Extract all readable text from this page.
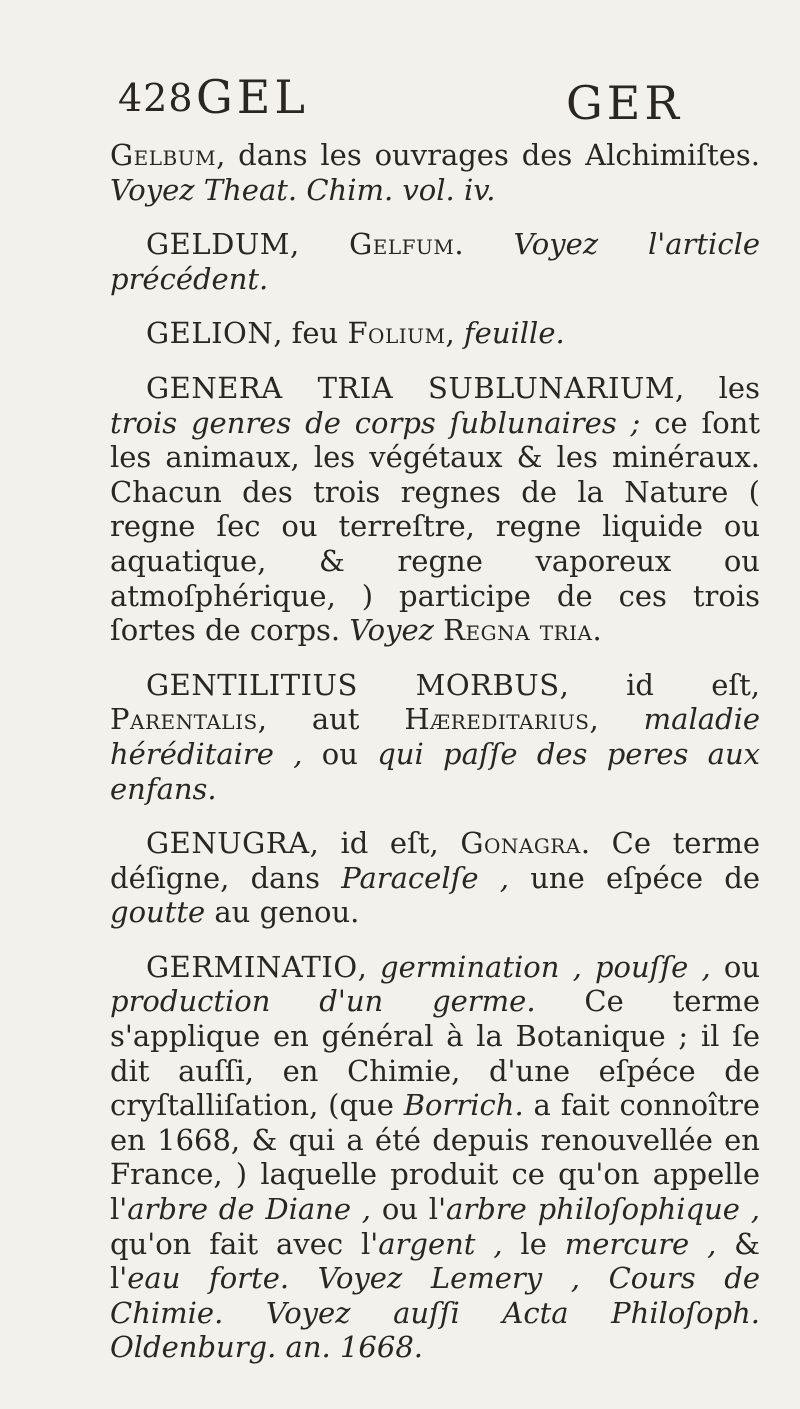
428 GEL	GER

Gelbum, dans les ouvrages des Alchimiſtes. Voyez Theat. Chim. vol. iv.

GELDUM, Gelfum. Voyez l'article précédent.

GELION, feu Folium, feuille.

GENERA TRIA SUBLUNARIUM, les trois genres de corps ſublunaires ; ce ſont les animaux, les végétaux & les minéraux. Chacun des trois regnes de la Nature ( regne ſec ou terreſtre, regne liquide ou aquatique, & regne vaporeux ou atmoſphérique, ) participe de ces trois ſortes de corps. Voyez Regna tria.

GENTILITIUS MORBUS, id eſt, Parentalis, aut Hæreditarius, maladie héréditaire , ou qui paſſe des peres aux enfans.

GENUGRA, id eſt, Gonagra. Ce terme déſigne, dans Paracelſe , une eſpéce de goutte au genou.

GERMINATIO, germination , pouſſe , ou production d'un germe. Ce terme s'applique en général à la Botanique ; il ſe dit auſſi, en Chimie, d'une eſpéce de cryſtalliſation, (que Borrich. a fait connoître en 1668, & qui a été depuis renouvellée en France, ) laquelle produit ce qu'on appelle l'arbre de Diane , ou l'arbre philoſophique , qu'on fait avec l'argent , le mercure , & l'eau forte. Voyez Lemery , Cours de Chimie. Voyez auſſi Acta Philoſoph. Oldenburg. an. 1668.
